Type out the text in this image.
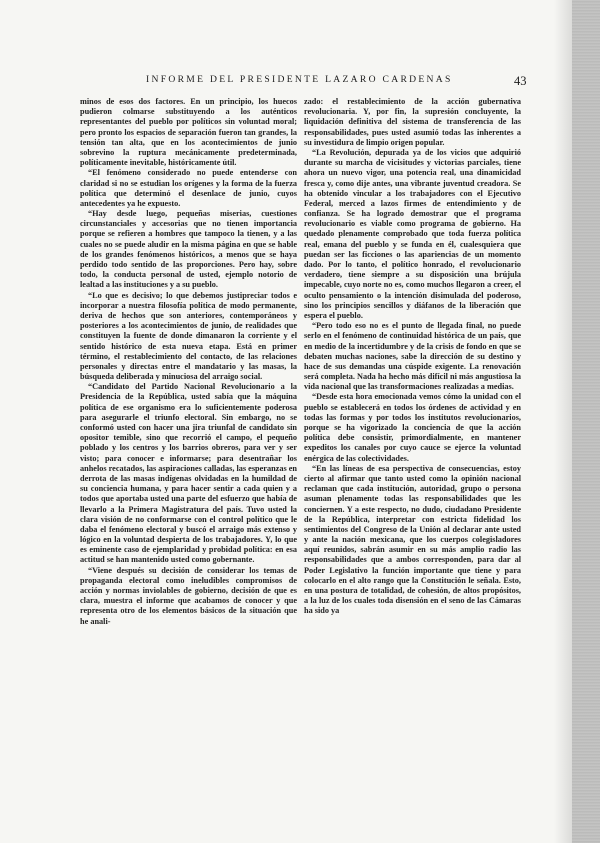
INFORME DEL PRESIDENTE LAZARO CARDENAS	43

minos de esos dos factores. En un principio, los huecos pudieron colmarse substituyendo a los auténticos representantes del pueblo por políticos sin voluntad moral; pero pronto los espacios de separación fueron tan grandes, la tensión tan alta, que en los acontecimientos de junio sobrevino la ruptura mecánicamente predeterminada, políticamente inevitable, históricamente útil.

“El fenómeno considerado no puede entenderse con claridad si no se estudian los orígenes y la forma de la fuerza política que determinó el desenlace de junio, cuyos antecedentes ya he expuesto.

“Hay desde luego, pequeñas miserias, cuestiones circunstanciales y accesorias que no tienen importancia porque se refieren a hombres que tampoco la tienen, y a las cuales no se puede aludir en la misma página en que se hable de los grandes fenómenos históricos, a menos que se haya perdido todo sentido de las proporciones. Pero hay, sobre todo, la conducta personal de usted, ejemplo notorio de lealtad a las instituciones y a su pueblo.

“Lo que es decisivo; lo que debemos justipreciar todos e incorporar a nuestra filosofía política de modo permanente, deriva de hechos que son anteriores, contemporáneos y posteriores a los acontecimientos de junio, de realidades que constituyen la fuente de donde dimanaron la corriente y el sentido histórico de esta nueva etapa. Está en primer término, el restablecimiento del contacto, de las relaciones personales y directas entre el mandatario y las masas, la búsqueda deliberada y minuciosa del arraigo social.

“Candidato del Partido Nacional Revolucionario a la Presidencia de la República, usted sabía que la máquina política de ese organismo era lo suficientemente poderosa para asegurarle el triunfo electoral. Sin embargo, no se conformó usted con hacer una jira triunfal de candidato sin opositor temible, sino que recorrió el campo, el pequeño poblado y los centros y los barrios obreros, para ver y ser visto; para conocer e informarse; para desentrañar los anhelos recatados, las aspiraciones calladas, las esperanzas en derrota de las masas indígenas olvidadas en la humildad de su conciencia humana, y para hacer sentir a cada quien y a todos que aportaba usted una parte del esfuerzo que había de llevarlo a la Primera Magistratura del país. Tuvo usted la clara visión de no conformarse con el control político que le daba el fenómeno electoral y buscó el arraigo más extenso y lógico en la voluntad despierta de los trabajadores. Y, lo que es eminente caso de ejemplaridad y probidad política: en esa actitud se han mantenido usted como gobernante.

“Viene después su decisión de considerar los temas de propaganda electoral como ineludibles compromisos de acción y normas inviolables de gobierno, decisión de que es clara, muestra el informe que acabamos de conocer y que representa otro de los elementos básicos de la situación que he anali-

zado: el restablecimiento de la acción gubernativa revolucionaria. Y, por fin, la supresión concluyente, la liquidación definitiva del sistema de transferencia de las responsabilidades, pues usted asumió todas las inherentes a su investidura de limpio origen popular.

“La Revolución, depurada ya de los vicios que adquirió durante su marcha de vicisitudes y victorias parciales, tiene ahora un nuevo vigor, una potencia real, una dinamicidad fresca y, como dije antes, una vibrante juventud creadora. Se ha obtenido vincular a los trabajadores con el Ejecutivo Federal, merced a lazos firmes de entendimiento y de confianza. Se ha logrado demostrar que el programa revolucionario es viable como programa de gobierno. Ha quedado plenamente comprobado que toda fuerza política real, emana del pueblo y se funda en él, cualesquiera que puedan ser las ficciones o las apariencias de un momento dado. Por lo tanto, el político honrado, el revolucionario verdadero, tiene siempre a su disposición una brújula impecable, cuyo norte no es, como muchos llegaron a creer, el oculto pensamiento o la intención disimulada del poderoso, sino los principios sencillos y diáfanos de la liberación que espera el pueblo.

“Pero todo eso no es el punto de llegada final, no puede serlo en el fenómeno de continuidad histórica de un país, que en medio de la incertidumbre y de la crisis de fondo en que se debaten muchas naciones, sabe la dirección de su destino y hace de sus demandas una cúspide exigente. La renovación será completa. Nada ha hecho más difícil ni más angustiosa la vida nacional que las transformaciones realizadas a medias.

“Desde esta hora emocionada vemos cómo la unidad con el pueblo se establecerá en todos los órdenes de actividad y en todas las formas y por todos los institutos revolucionarios, porque se ha vigorizado la conciencia de que la acción política debe consistir, primordialmente, en mantener expeditos los canales por cuyo cauce se ejerce la voluntad enérgica de las colectividades.

“En las líneas de esa perspectiva de consecuencias, estoy cierto al afirmar que tanto usted como la opinión nacional reclaman que cada institución, autoridad, grupo o persona asuman plenamente todas las responsabilidades que les conciernen. Y a este respecto, no dudo, ciudadano Presidente de la República, interpretar con estricta fidelidad los sentimientos del Congreso de la Unión al declarar ante usted y ante la nación mexicana, que los cuerpos colegisladores aquí reunidos, sabrán asumir en su más amplio radio las responsabilidades que a ambos corresponden, para dar al Poder Legislativo la función importante que tiene y para colocarlo en el alto rango que la Constitución le señala. Esto, en una postura de totalidad, de cohesión, de altos propósitos, a la luz de los cuales toda disensión en el seno de las Cámaras ha sido ya
